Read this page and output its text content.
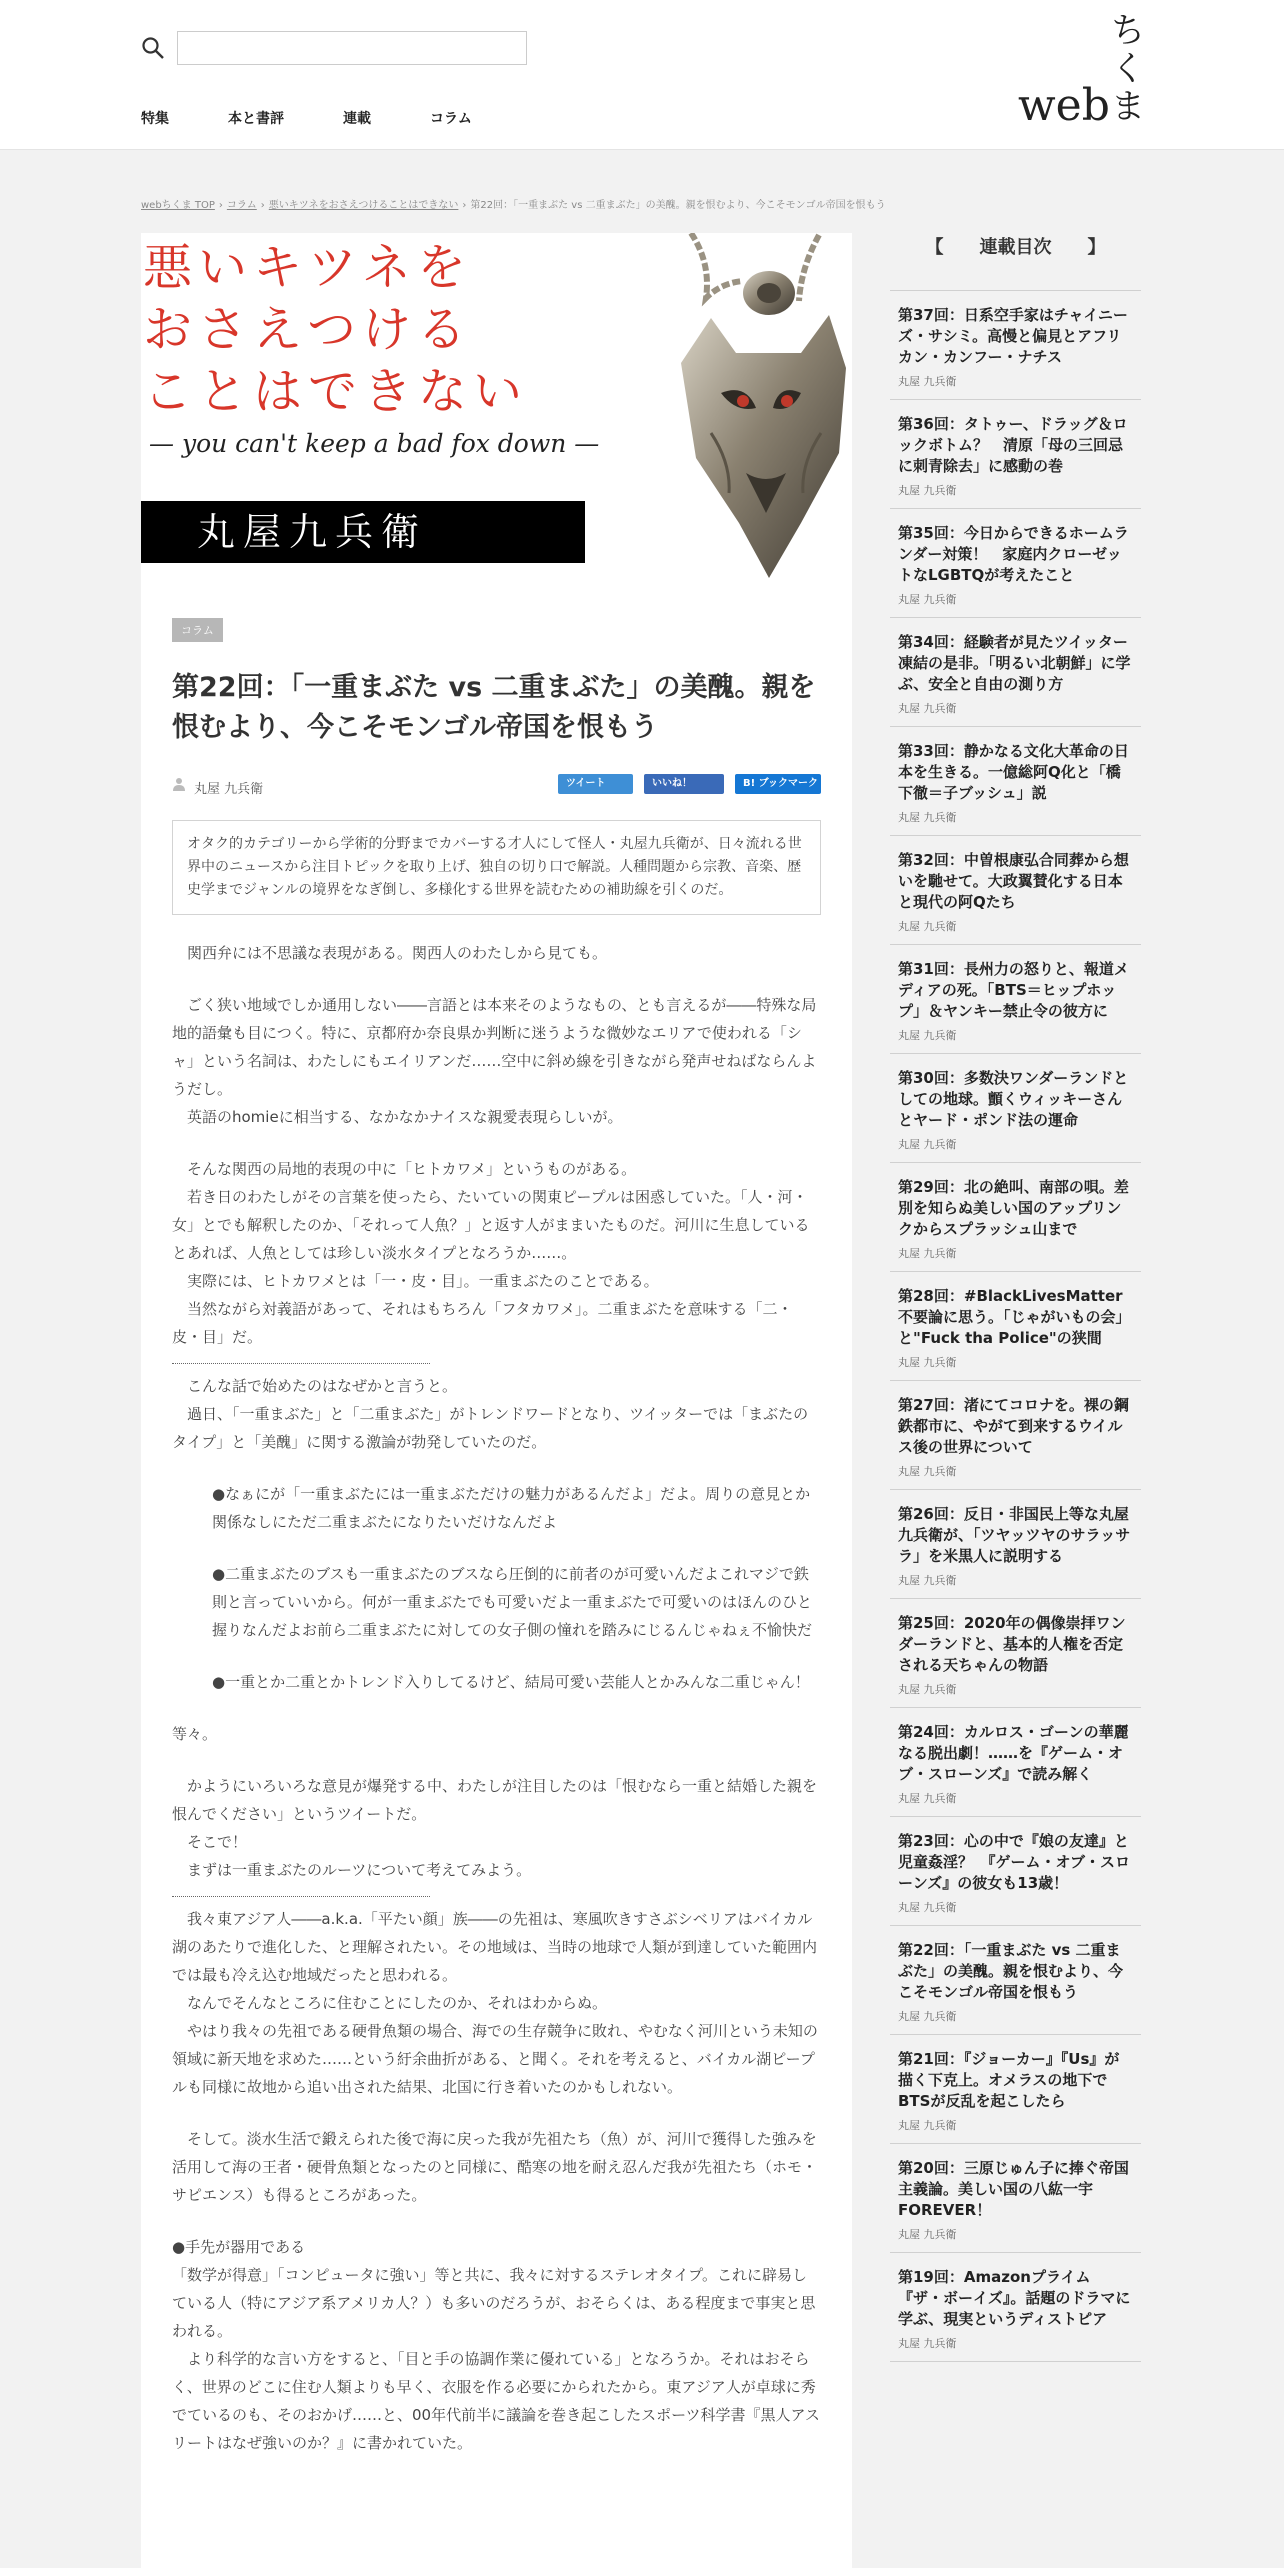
特集	本と書評	連載	コラム	web
ちくま
webちくま TOP › コラム › 悪いキツネをおさえつけることはできない › 第22回：「一重まぶた vs 二重まぶた」の美醜。親を恨むより、今こそモンゴル帝国を恨もう
悪いキツネを
おさえつける
ことはできない
— you can't keep a bad fox down —
丸屋九兵衛
コラム
第22回：「一重まぶた vs 二重まぶた」の美醜。親を恨むより、今こそモンゴル帝国を恨もう
丸屋 九兵衛	ツイート	いいね！	B! ブックマーク
オタク的カテゴリーから学術的分野までカバーする才人にして怪人・丸屋九兵衛が、日々流れる世界中のニュースから注目トピックを取り上げ、独自の切り口で解説。人種問題から宗教、音楽、歴史学までジャンルの境界をなぎ倒し、多様化する世界を読むための補助線を引くのだ。

関西弁には不思議な表現がある。関西人のわたしから見ても。

ごく狭い地域でしか通用しない――言語とは本来そのようなもの、とも言えるが――特殊な局地的語彙も目につく。特に、京都府か奈良県か判断に迷うような微妙なエリアで使われる「シャ」という名詞は、わたしにもエイリアンだ……空中に斜め線を引きながら発声せねばならんようだし。

英語のhomieに相当する、なかなかナイスな親愛表現らしいが。

そんな関西の局地的表現の中に「ヒトカワメ」というものがある。

若き日のわたしがその言葉を使ったら、たいていの関東ピープルは困惑していた。「人・河・女」とでも解釈したのか、「それって人魚？」と返す人がままいたものだ。河川に生息しているとあれば、人魚としては珍しい淡水タイプとなろうか……。

実際には、ヒトカワメとは「一・皮・目」。一重まぶたのことである。

当然ながら対義語があって、それはもちろん「フタカワメ」。二重まぶたを意味する「二・皮・目」だ。

こんな話で始めたのはなぜかと言うと。

過日、「一重まぶた」と「二重まぶた」がトレンドワードとなり、ツイッターでは「まぶたのタイプ」と「美醜」に関する激論が勃発していたのだ。

●なぁにが「一重まぶたには一重まぶただけの魅力があるんだよ」だよ。周りの意見とか関係なしにただ二重まぶたになりたいだけなんだよ

●二重まぶたのブスも一重まぶたのブスなら圧倒的に前者のが可愛いんだよこれマジで鉄則と言っていいから。何が一重まぶたでも可愛いだよ一重まぶたで可愛いのはほんのひと握りなんだよお前ら二重まぶたに対しての女子側の憧れを踏みにじるんじゃねぇ不愉快だ

●一重とか二重とかトレンド入りしてるけど、結局可愛い芸能人とかみんな二重じゃん！

等々。

かようにいろいろな意見が爆発する中、わたしが注目したのは「恨むなら一重と結婚した親を恨んでください」というツイートだ。

そこで！

まずは一重まぶたのルーツについて考えてみよう。

我々東アジア人――a.k.a.「平たい顔」族――の先祖は、寒風吹きすさぶシベリアはバイカル湖のあたりで進化した、と理解されたい。その地域は、当時の地球で人類が到達していた範囲内では最も冷え込む地域だったと思われる。

なんでそんなところに住むことにしたのか、それはわからぬ。

やはり我々の先祖である硬骨魚類の場合、海での生存競争に敗れ、やむなく河川という未知の領域に新天地を求めた……という紆余曲折がある、と聞く。それを考えると、バイカル湖ピープルも同様に故地から追い出された結果、北国に行き着いたのかもしれない。

そして。淡水生活で鍛えられた後で海に戻った我が先祖たち（魚）が、河川で獲得した強みを活用して海の王者・硬骨魚類となったのと同様に、酷寒の地を耐え忍んだ我が先祖たち（ホモ・サピエンス）も得るところがあった。

●手先が器用である

「数学が得意」「コンピュータに強い」等と共に、我々に対するステレオタイプ。これに辟易している人（特にアジア系アメリカ人？）も多いのだろうが、おそらくは、ある程度まで事実と思われる。

より科学的な言い方をすると、「目と手の協調作業に優れている」となろうか。それはおそらく、世界のどこに住む人類よりも早く、衣服を作る必要にかられたから。東アジア人が卓球に秀でているのも、そのおかげ……と、00年代前半に議論を巻き起こしたスポーツ科学書『黒人アスリートはなぜ強いのか？』に書かれていた。

【　　連載目次　　】
第37回：日系空手家はチャイニーズ・サシミ。高慢と偏見とアフリカン・カンフー・ナチス
丸屋 九兵衛
第36回：タトゥー、ドラッグ＆ロックボトム？　清原「母の三回忌に刺青除去」に感動の巻
丸屋 九兵衛
第35回：今日からできるホームランダー対策！　家庭内クローゼットなLGBTQが考えたこと
丸屋 九兵衛
第34回：経験者が見たツイッター凍結の是非。「明るい北朝鮮」に学ぶ、安全と自由の測り方
丸屋 九兵衛
第33回：静かなる文化大革命の日本を生きる。一億総阿Q化と「橋下徹＝子ブッシュ」説
丸屋 九兵衛
第32回：中曽根康弘合同葬から想いを馳せて。大政翼賛化する日本と現代の阿Qたち
丸屋 九兵衛
第31回：長州力の怒りと、報道メディアの死。「BTS＝ヒップホップ」＆ヤンキー禁止令の彼方に
丸屋 九兵衛
第30回：多数決ワンダーランドとしての地球。顫くウィッキーさんとヤード・ポンド法の運命
丸屋 九兵衛
第29回：北の絶叫、南部の唄。差別を知らぬ美しい国のアップリンクからスプラッシュ山まで
丸屋 九兵衛
第28回：#BlackLivesMatter 不要論に思う。「じゃがいもの会」と"Fuck tha Police"の狭間
丸屋 九兵衛
第27回：渚にてコロナを。裸の鋼鉄都市に、やがて到来するウイルス後の世界について
丸屋 九兵衛
第26回：反日・非国民上等な丸屋九兵衛が、「ツヤッツヤのサラッサラ」を米黒人に説明する
丸屋 九兵衛
第25回：2020年の偶像崇拝ワンダーランドと、基本的人権を否定される天ちゃんの物語
丸屋 九兵衛
第24回：カルロス・ゴーンの華麗なる脱出劇！……を『ゲーム・オブ・スローンズ』で読み解く
丸屋 九兵衛
第23回：心の中で『娘の友達』と児童姦淫？　『ゲーム・オブ・スローンズ』の彼女も13歳！
丸屋 九兵衛
第22回：「一重まぶた vs 二重まぶた」の美醜。親を恨むより、今こそモンゴル帝国を恨もう
丸屋 九兵衛
第21回：『ジョーカー』『Us』が描く下克上。オメラスの地下でBTSが反乱を起こしたら
丸屋 九兵衛
第20回：三原じゅん子に捧ぐ帝国主義論。美しい国の八紘一宇FOREVER！
丸屋 九兵衛
第19回：Amazonプライム『ザ・ボーイズ』。話題のドラマに学ぶ、現実というディストピア
丸屋 九兵衛
